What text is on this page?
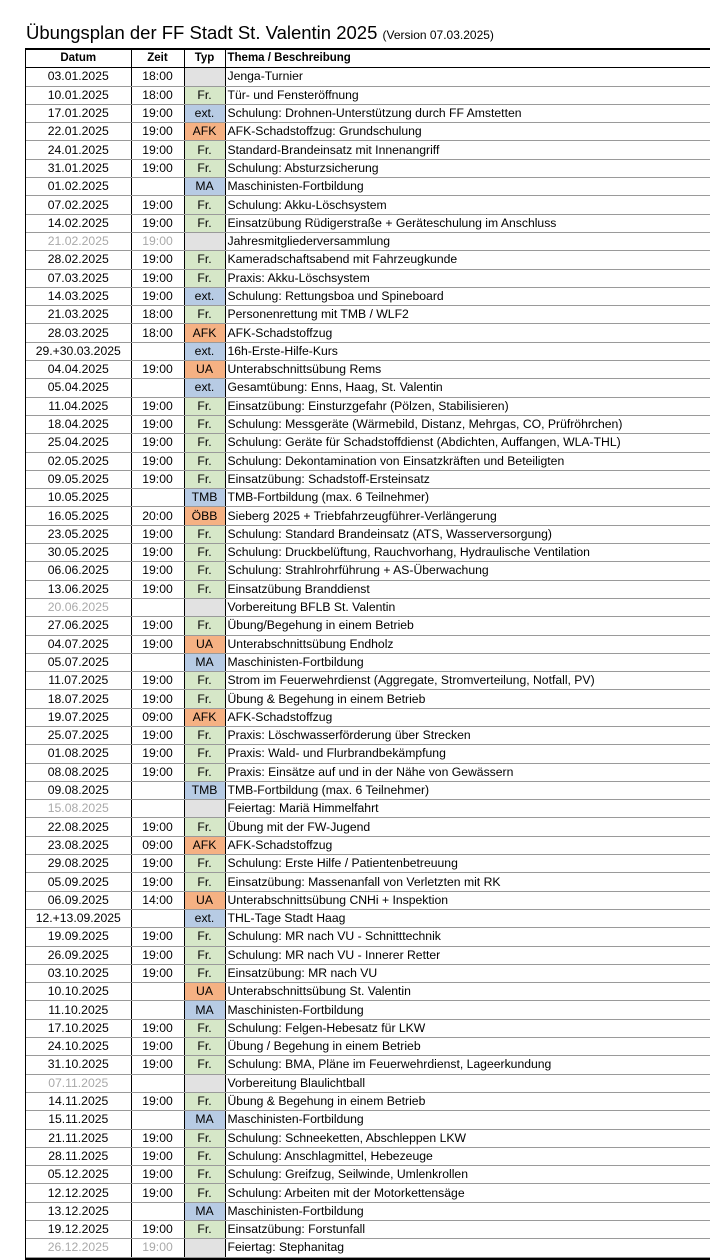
Übungsplan der FF Stadt St. Valentin 2025 (Version 07.03.2025)
Datum	Zeit	Typ	Thema / Beschreibung
03.01.2025	18:00		Jenga-Turnier
10.01.2025	18:00	Fr.	Tür- und Fensteröffnung
17.01.2025	19:00	ext.	Schulung: Drohnen-Unterstützung durch FF Amstetten
22.01.2025	19:00	AFK	AFK-Schadstoffzug: Grundschulung
24.01.2025	19:00	Fr.	Standard-Brandeinsatz mit Innenangriff
31.01.2025	19:00	Fr.	Schulung: Absturzsicherung
01.02.2025		MA	Maschinisten-Fortbildung
07.02.2025	19:00	Fr.	Schulung: Akku-Löschsystem
14.02.2025	19:00	Fr.	Einsatzübung Rüdigerstraße + Geräteschulung im Anschluss
21.02.2025	19:00		Jahresmitgliederversammlung
28.02.2025	19:00	Fr.	Kameradschaftsabend mit Fahrzeugkunde
07.03.2025	19:00	Fr.	Praxis: Akku-Löschsystem
14.03.2025	19:00	ext.	Schulung: Rettungsboa und Spineboard
21.03.2025	18:00	Fr.	Personenrettung mit TMB / WLF2
28.03.2025	18:00	AFK	AFK-Schadstoffzug
29.+30.03.2025		ext.	16h-Erste-Hilfe-Kurs
04.04.2025	19:00	UA	Unterabschnittsübung Rems
05.04.2025		ext.	Gesamtübung: Enns, Haag, St. Valentin
11.04.2025	19:00	Fr.	Einsatzübung: Einsturzgefahr (Pölzen, Stabilisieren)
18.04.2025	19:00	Fr.	Schulung: Messgeräte (Wärmebild, Distanz, Mehrgas, CO, Prüfröhrchen)
25.04.2025	19:00	Fr.	Schulung: Geräte für Schadstoffdienst (Abdichten, Auffangen, WLA-THL)
02.05.2025	19:00	Fr.	Schulung: Dekontamination von Einsatzkräften und Beteiligten
09.05.2025	19:00	Fr.	Einsatzübung: Schadstoff-Ersteinsatz
10.05.2025		TMB	TMB-Fortbildung (max. 6 Teilnehmer)
16.05.2025	20:00	ÖBB	Sieberg 2025 + Triebfahrzeugführer-Verlängerung
23.05.2025	19:00	Fr.	Schulung: Standard Brandeinsatz (ATS, Wasserversorgung)
30.05.2025	19:00	Fr.	Schulung: Druckbelüftung, Rauchvorhang, Hydraulische Ventilation
06.06.2025	19:00	Fr.	Schulung: Strahlrohrführung + AS-Überwachung
13.06.2025	19:00	Fr.	Einsatzübung Branddienst
20.06.2025			Vorbereitung BFLB St. Valentin
27.06.2025	19:00	Fr.	Übung/Begehung in einem Betrieb
04.07.2025	19:00	UA	Unterabschnittsübung Endholz
05.07.2025		MA	Maschinisten-Fortbildung
11.07.2025	19:00	Fr.	Strom im Feuerwehrdienst (Aggregate, Stromverteilung, Notfall, PV)
18.07.2025	19:00	Fr.	Übung & Begehung in einem Betrieb
19.07.2025	09:00	AFK	AFK-Schadstoffzug
25.07.2025	19:00	Fr.	Praxis: Löschwasserförderung über Strecken
01.08.2025	19:00	Fr.	Praxis: Wald- und Flurbrandbekämpfung
08.08.2025	19:00	Fr.	Praxis: Einsätze auf und in der Nähe von Gewässern
09.08.2025		TMB	TMB-Fortbildung (max. 6 Teilnehmer)
15.08.2025			Feiertag: Mariä Himmelfahrt
22.08.2025	19:00	Fr.	Übung mit der FW-Jugend
23.08.2025	09:00	AFK	AFK-Schadstoffzug
29.08.2025	19:00	Fr.	Schulung: Erste Hilfe / Patientenbetreuung
05.09.2025	19:00	Fr.	Einsatzübung: Massenanfall von Verletzten mit RK
06.09.2025	14:00	UA	Unterabschnittsübung CNHi + Inspektion
12.+13.09.2025		ext.	THL-Tage Stadt Haag
19.09.2025	19:00	Fr.	Schulung: MR nach VU - Schnitttechnik
26.09.2025	19:00	Fr.	Schulung: MR nach VU - Innerer Retter
03.10.2025	19:00	Fr.	Einsatzübung: MR nach VU
10.10.2025		UA	Unterabschnittsübung St. Valentin
11.10.2025		MA	Maschinisten-Fortbildung
17.10.2025	19:00	Fr.	Schulung: Felgen-Hebesatz für LKW
24.10.2025	19:00	Fr.	Übung / Begehung in einem Betrieb
31.10.2025	19:00	Fr.	Schulung: BMA, Pläne im Feuerwehrdienst, Lageerkundung
07.11.2025			Vorbereitung Blaulichtball
14.11.2025	19:00	Fr.	Übung & Begehung in einem Betrieb
15.11.2025		MA	Maschinisten-Fortbildung
21.11.2025	19:00	Fr.	Schulung: Schneeketten, Abschleppen LKW
28.11.2025	19:00	Fr.	Schulung: Anschlagmittel, Hebezeuge
05.12.2025	19:00	Fr.	Schulung: Greifzug, Seilwinde, Umlenkrollen
12.12.2025	19:00	Fr.	Schulung: Arbeiten mit der Motorkettensäge
13.12.2025		MA	Maschinisten-Fortbildung
19.12.2025	19:00	Fr.	Einsatzübung: Forstunfall
26.12.2025	19:00		Feiertag: Stephanitag
